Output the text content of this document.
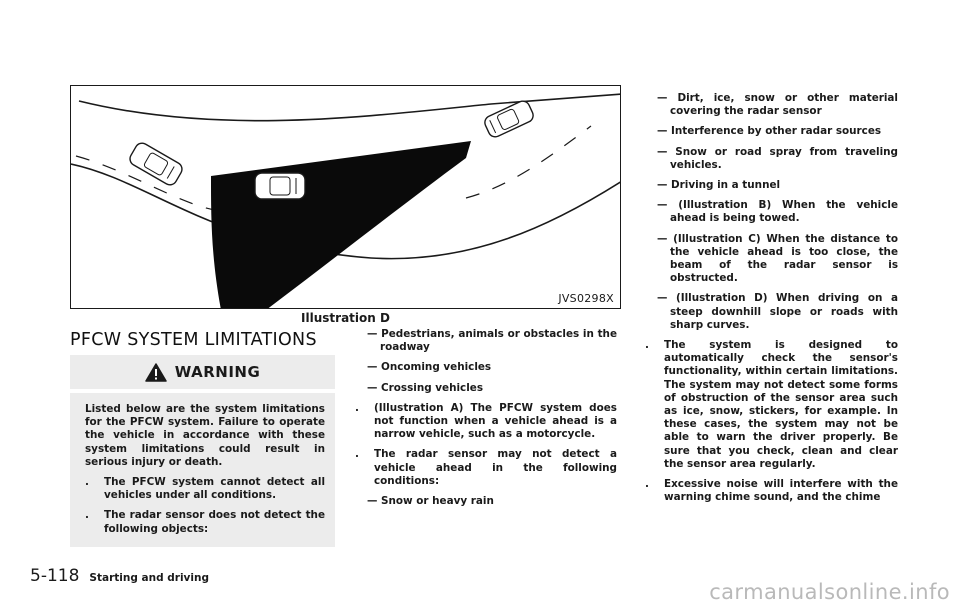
JVS0298X
Illustration D
PFCW SYSTEM LIMITATIONS
WARNING
Listed below are the system limitations for the PFCW system. Failure to operate the vehicle in accordance with these system limitations could result in serious injury or death.
. The PFCW system cannot detect all vehicles under all conditions.
. The radar sensor does not detect the following objects:
— Pedestrians, animals or obstacles in the roadway
— Oncoming vehicles
— Crossing vehicles
. (Illustration A) The PFCW system does not function when a vehicle ahead is a narrow vehicle, such as a motorcycle.
. The radar sensor may not detect a vehicle ahead in the following conditions:
— Snow or heavy rain
— Dirt, ice, snow or other material covering the radar sensor
— Interference by other radar sources
— Snow or road spray from traveling vehicles.
— Driving in a tunnel
— (Illustration B) When the vehicle ahead is being towed.
— (Illustration C) When the distance to the vehicle ahead is too close, the beam of the radar sensor is obstructed.
— (Illustration D) When driving on a steep downhill slope or roads with sharp curves.
. The system is designed to automatically check the sensor's functionality, within certain limitations. The system may not detect some forms of obstruction of the sensor area such as ice, snow, stickers, for example. In these cases, the system may not be able to warn the driver properly. Be sure that you check, clean and clear the sensor area regularly.
. Excessive noise will interfere with the warning chime sound, and the chime
5-118 Starting and driving
carmanualsonline.info
